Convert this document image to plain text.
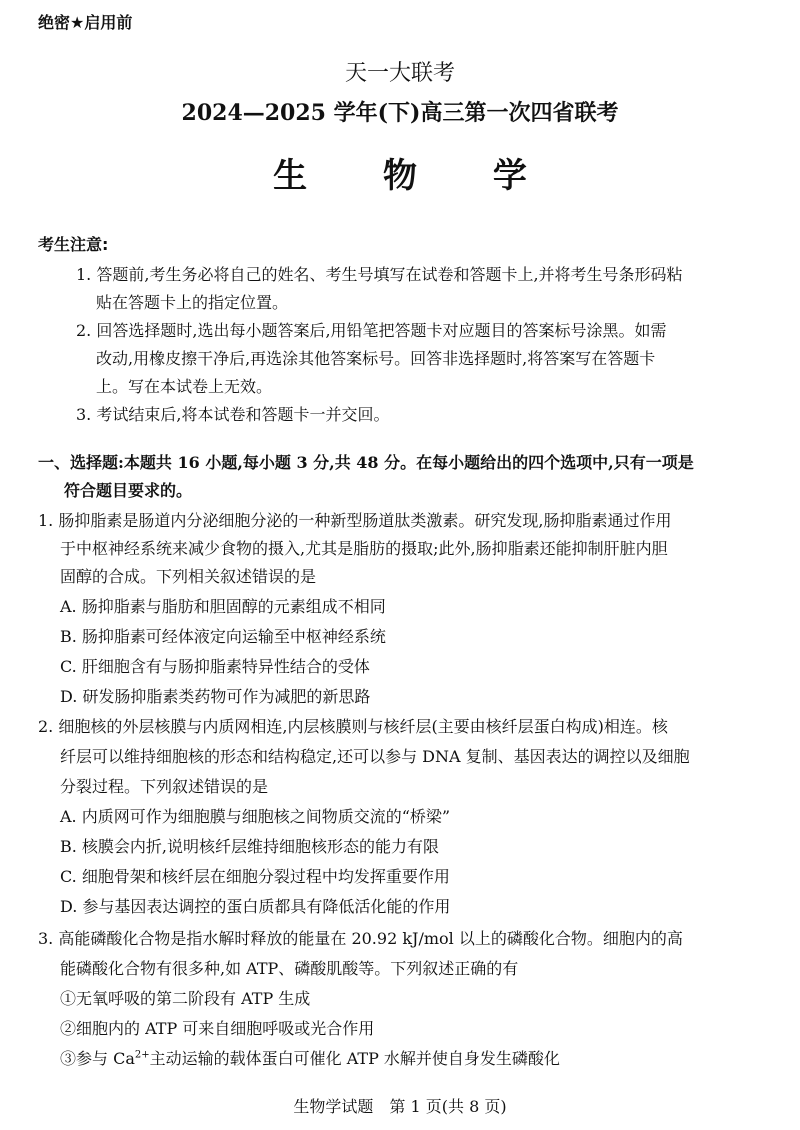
绝密★启用前
天一大联考
2024—2025 学年(下)高三第一次四省联考
生 物 学
考生注意:
1. 答题前,考生务必将自己的姓名、考生号填写在试卷和答题卡上,并将考生号条形码粘
贴在答题卡上的指定位置。
2. 回答选择题时,选出每小题答案后,用铅笔把答题卡对应题目的答案标号涂黑。如需
改动,用橡皮擦干净后,再选涂其他答案标号。回答非选择题时,将答案写在答题卡
上。写在本试卷上无效。
3. 考试结束后,将本试卷和答题卡一并交回。
一、选择题:本题共 16 小题,每小题 3 分,共 48 分。在每小题给出的四个选项中,只有一项是
符合题目要求的。
1. 肠抑脂素是肠道内分泌细胞分泌的一种新型肠道肽类激素。研究发现,肠抑脂素通过作用
于中枢神经系统来减少食物的摄入,尤其是脂肪的摄取;此外,肠抑脂素还能抑制肝脏内胆
固醇的合成。下列相关叙述错误的是
A. 肠抑脂素与脂肪和胆固醇的元素组成不相同
B. 肠抑脂素可经体液定向运输至中枢神经系统
C. 肝细胞含有与肠抑脂素特异性结合的受体
D. 研发肠抑脂素类药物可作为减肥的新思路
2. 细胞核的外层核膜与内质网相连,内层核膜则与核纤层(主要由核纤层蛋白构成)相连。核
纤层可以维持细胞核的形态和结构稳定,还可以参与 DNA 复制、基因表达的调控以及细胞
分裂过程。下列叙述错误的是
A. 内质网可作为细胞膜与细胞核之间物质交流的“桥梁”
B. 核膜会内折,说明核纤层维持细胞核形态的能力有限
C. 细胞骨架和核纤层在细胞分裂过程中均发挥重要作用
D. 参与基因表达调控的蛋白质都具有降低活化能的作用
3. 高能磷酸化合物是指水解时释放的能量在 20.92 kJ/mol 以上的磷酸化合物。细胞内的高
能磷酸化合物有很多种,如 ATP、磷酸肌酸等。下列叙述正确的有
①无氧呼吸的第二阶段有 ATP 生成
②细胞内的 ATP 可来自细胞呼吸或光合作用
③参与 $Ca^{2+}$主动运输的载体蛋白可催化 ATP 水解并使自身发生磷酸化
生物学试题　第 1 页(共 8 页)
